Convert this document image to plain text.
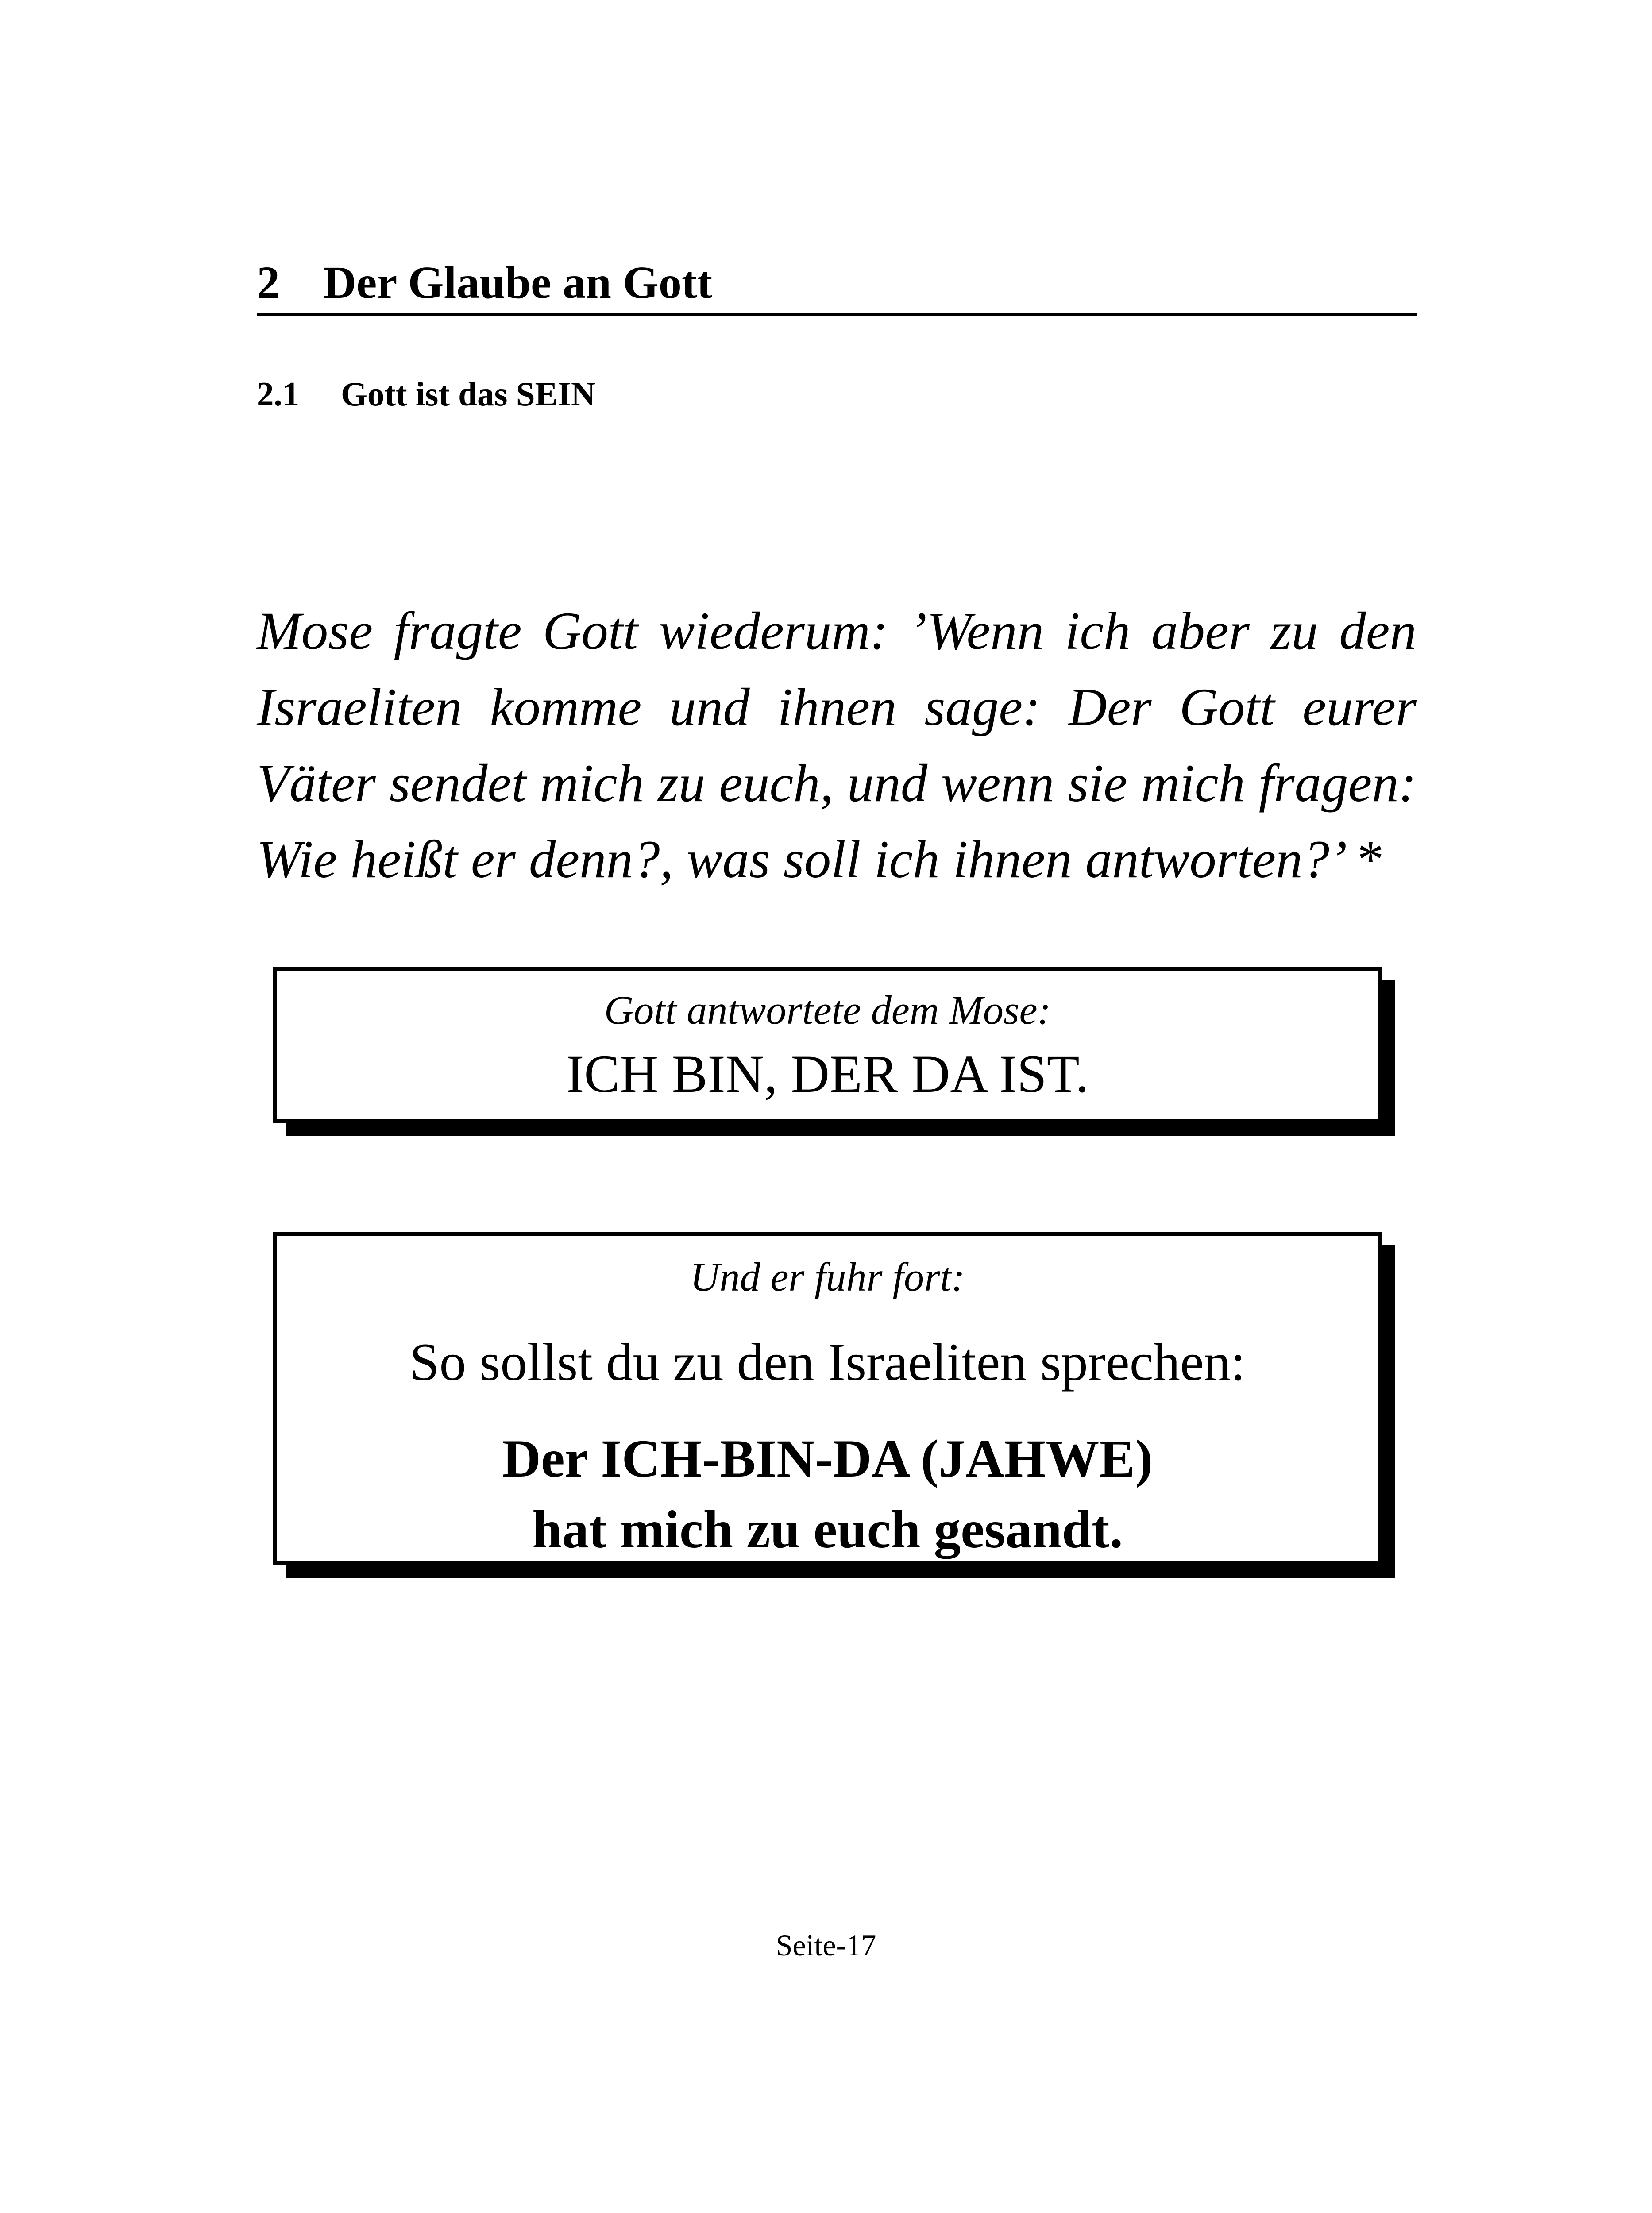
2 Der Glaube an Gott
2.1 Gott ist das SEIN

Mose fragte Gott wiederum: ’Wenn ich aber zu den Israeliten komme und ihnen sage: Der Gott eurer Väter sendet mich zu euch, und wenn sie mich fragen: Wie heißt er denn?, was soll ich ihnen antworten?’ *

Gott antwortete dem Mose:
ICH BIN, DER DA IST.
Und er fuhr fort:
So sollst du zu den Israeliten sprechen:
Der ICH-BIN-DA (JAHWE)
hat mich zu euch gesandt.
Seite-17
